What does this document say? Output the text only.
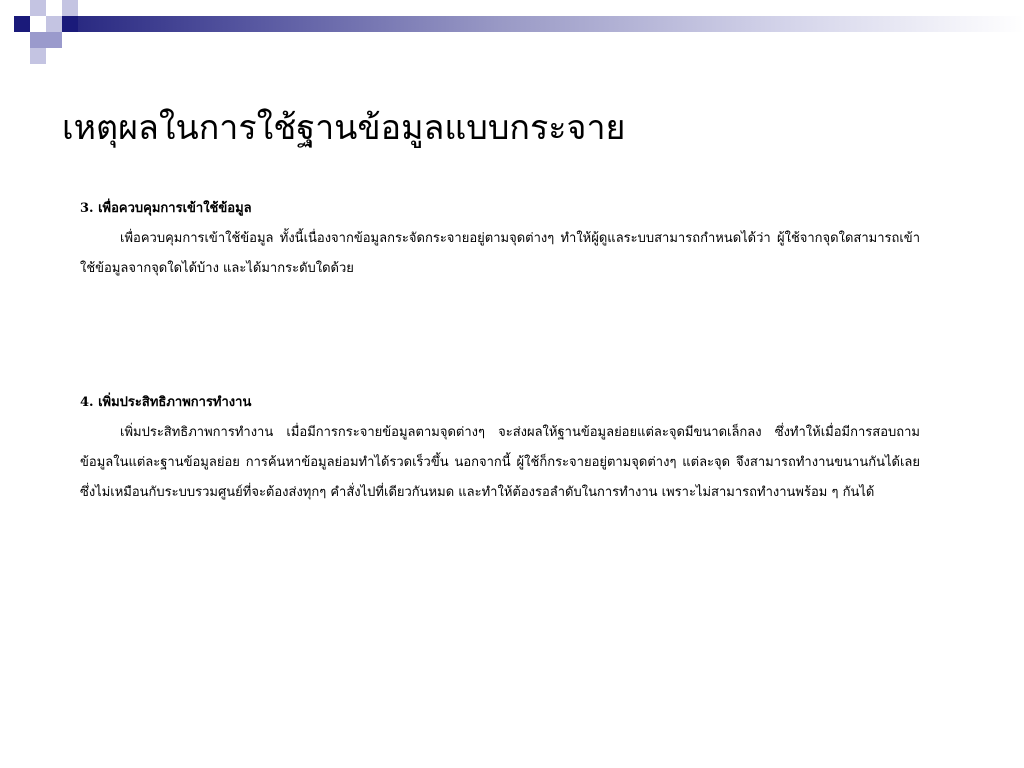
เหตุผลในการใช้ฐานข้อมูลแบบกระจาย

3. เพื่อควบคุมการเข้าใช้ข้อมูล

เพื่อควบคุมการเข้าใช้ข้อมูล ทั้งนี้เนื่องจากข้อมูลกระจัดกระจายอยู่ตามจุดต่างๆ ทำให้ผู้ดูแลระบบสามารถกำหนดได้ว่า ผู้ใช้จากจุดใดสามารถเข้าใช้ข้อมูลจากจุดใดได้บ้าง และได้มากระดับใดด้วย

4. เพิ่มประสิทธิภาพการทำงาน

เพิ่มประสิทธิภาพการทำงาน เมื่อมีการกระจายข้อมูลตามจุดต่างๆ จะส่งผลให้ฐานข้อมูลย่อยแต่ละจุดมีขนาดเล็กลง ซึ่งทำให้เมื่อมีการสอบถามข้อมูลในแต่ละฐานข้อมูลย่อย การค้นหาข้อมูลย่อมทำได้รวดเร็วขึ้น นอกจากนี้ ผู้ใช้ก็กระจายอยู่ตามจุดต่างๆ แต่ละจุด จึงสามารถทำงานขนานกันได้เลย ซึ่งไม่เหมือนกับระบบรวมศูนย์ที่จะต้องส่งทุกๆ คำสั่งไปที่เดียวกันหมด และทำให้ต้องรอลำดับในการทำงาน เพราะไม่สามารถทำงานพร้อม ๆ กันได้
